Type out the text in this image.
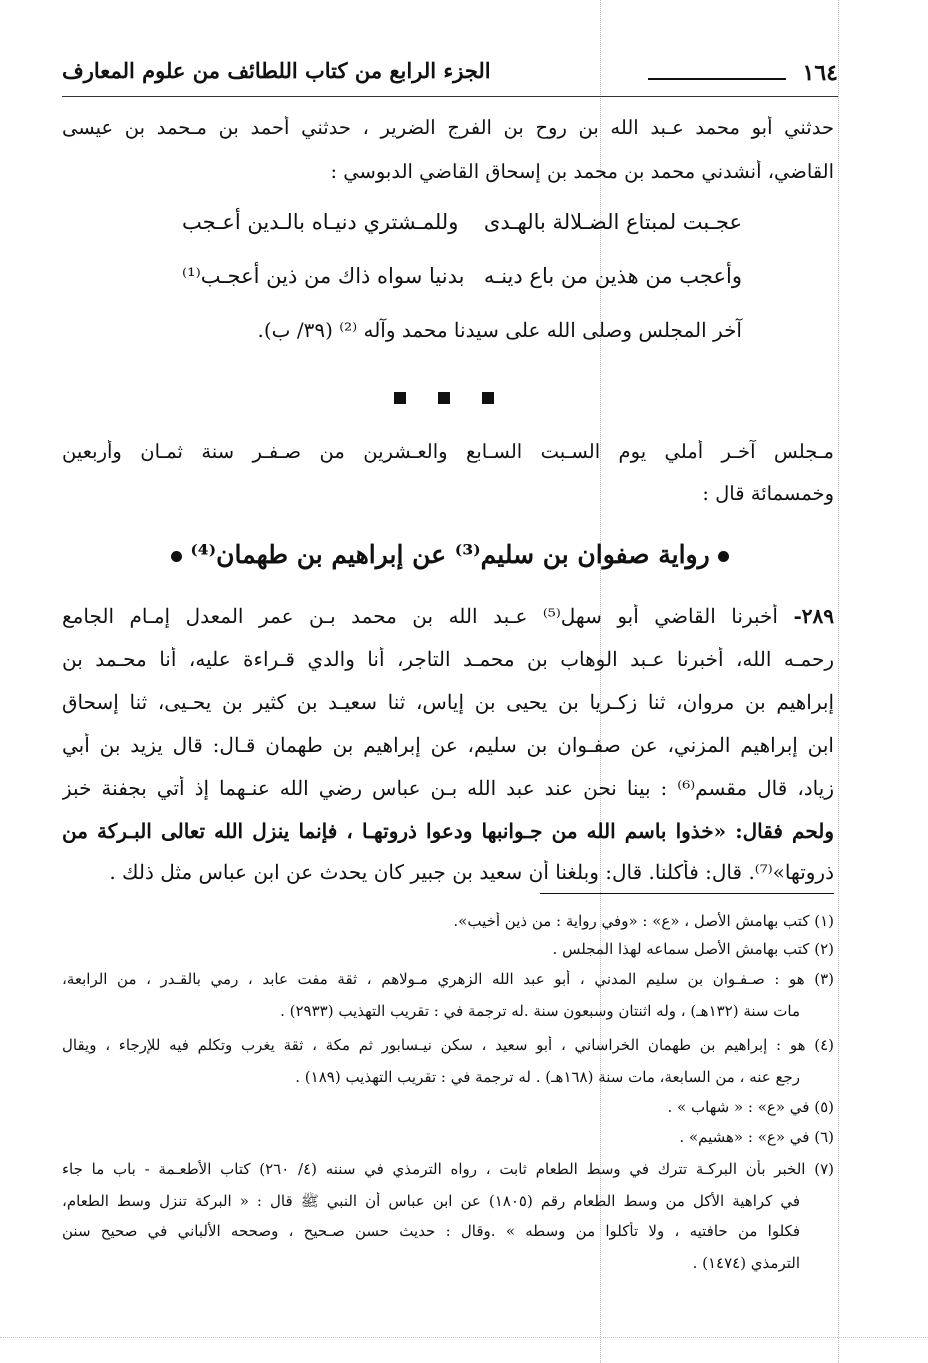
١٦٤
الجزء الرابع من كتاب اللطائف من علوم المعارف
حدثني أبو محمد عـبد الله بن روح بن الفرج الضرير ، حدثني أحمد بن مـحمد بن عيسى
القاضي، أنشدني محمد بن محمد بن إسحاق القاضي الدبوسي :
عجـبت لمبتاع الضـلالة بالهـدى
وللمـشتري دنيـاه بالـدين أعـجب
وأعجب من هذين من باع دينـه
بدنيا سواه ذاك من ذين أعجـب⁽¹⁾
آخر المجلس وصلى الله على سيدنا محمد وآله ⁽²⁾ (٣٩/ ب).
مـجلس آخـر أملي يوم السـبت السـابع والعـشرين من صـفـر سنة ثمـان وأربعين
وخمسمائة قال :
رواية صفوان بن سليم⁽³⁾ عن إبراهيم بن طهمان⁽⁴⁾
٢٨٩- أخبرنا القاضي أبو سهل⁽⁵⁾ عـبد الله بن محمد بـن عمر المعدل إمـام الجامع
رحمـه الله، أخبرنا عـبد الوهاب بن محمـد التاجر، أنا والدي قـراءة عليه، أنا محـمد بن
إبراهيم بن مروان، ثنا زكـريا بن يحيى بن إياس، ثنا سعيـد بن كثير بن يحـيى، ثنا إسحاق
ابن إبراهيم المزني، عن صفـوان بن سليم، عن إبراهيم بن طهمان قـال: قال يزيد بن أبي
زياد، قال مقسم⁽⁶⁾ : بينا نحن عند عبد الله بـن عباس رضي الله عنـهما إذ أتي بجفنة خبز
ولحم فقال: «خذوا باسم الله من جـوانبها ودعوا ذروتهـا ، فإنما ينزل الله تعالى البـركة من
ذروتها»⁽⁷⁾. قال: فأكلنا. قال: وبلغنا أن سعيد بن جبير كان يحدث عن ابن عباس مثل ذلك .
(١) كتب بهامش الأصل ، «ع» : «وفي رواية : من ذين أخيب».
(٢) كتب بهامش الأصل سماعه لهذا المجلس .
(٣) هو : صـفـوان بن سليم المدني ، أبو عبد الله الزهري مـولاهم ، ثقة مفت عابد ، رمي بالقـدر ، من الرابعة،
مات سنة (١٣٢هـ) ، وله اثنتان وسبعون سنة .له ترجمة في : تقريب التهذيب (٢٩٣٣) .
(٤) هو : إبراهيم بن طهمان الخراساني ، أبو سعيد ، سكن نيـسابور ثم مكة ، ثقة يغرب وتكلم فيه للإرجاء ، ويقال
رجع عنه ، من السابعة، مات سنة (١٦٨هـ) . له ترجمة في : تقريب التهذيب (١٨٩) .
(٥) في «ع» : « شهاب » .
(٦) في «ع» : «هشيم» .
(٧) الخبر بأن البركـة تترك في وسط الطعام ثابت ، رواه الترمذي في سننه (٤/ ٢٦٠) كتاب الأطعـمة - باب ما جاء
في كراهية الأكل من وسط الطعام رقم (١٨٠٥) عن ابن عباس أن النبي ﷺ قال : « البركة تنزل وسط الطعام،
فكلوا من حافتيه ، ولا تأكلوا من وسطه » .وقال : حديث حسن صـحيح ، وصححه الألباني في صحيح سنن
الترمذي (١٤٧٤) .
